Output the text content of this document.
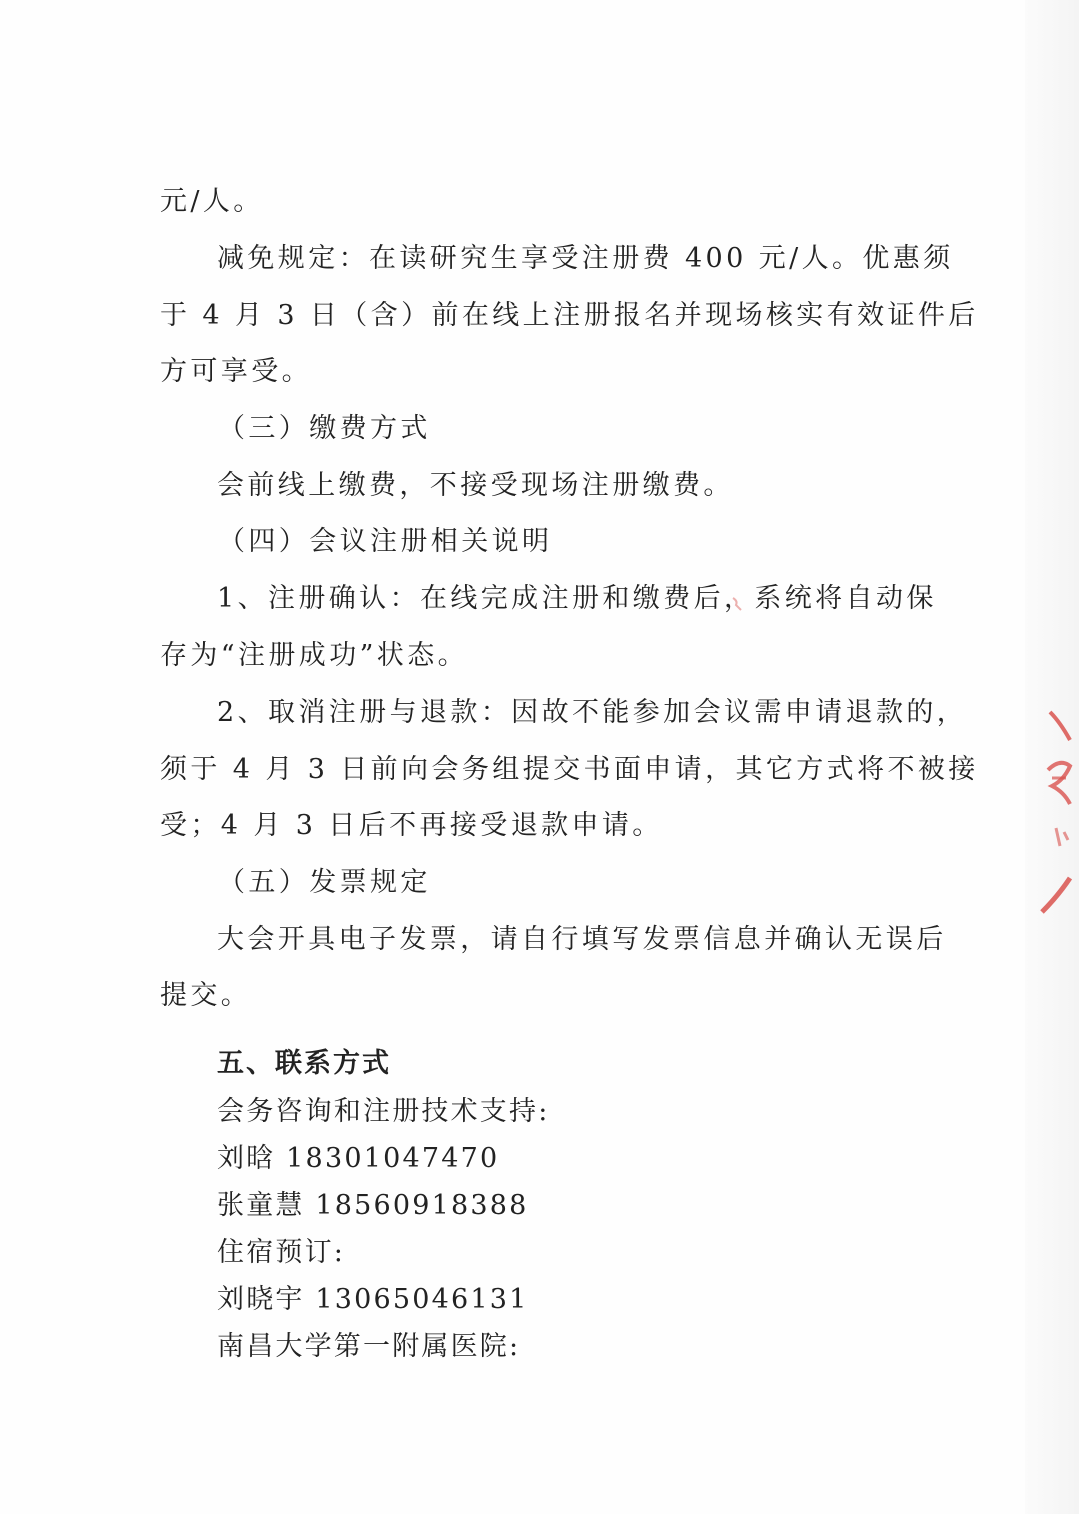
元/人。
减免规定：在读研究生享受注册费 400 元/人。优惠须
于 4 月 3 日（含）前在线上注册报名并现场核实有效证件后
方可享受。
（三）缴费方式
会前线上缴费，不接受现场注册缴费。
（四）会议注册相关说明
1、注册确认：在线完成注册和缴费后，系统将自动保
存为“注册成功”状态。
2、取消注册与退款：因故不能参加会议需申请退款的，
须于 4 月 3 日前向会务组提交书面申请，其它方式将不被接
受；4 月 3 日后不再接受退款申请。
（五）发票规定
大会开具电子发票，请自行填写发票信息并确认无误后
提交。
五、联系方式
会务咨询和注册技术支持:
刘晗 18301047470
张童慧 18560918388
住宿预订:
刘晓宇 13065046131
南昌大学第一附属医院:
